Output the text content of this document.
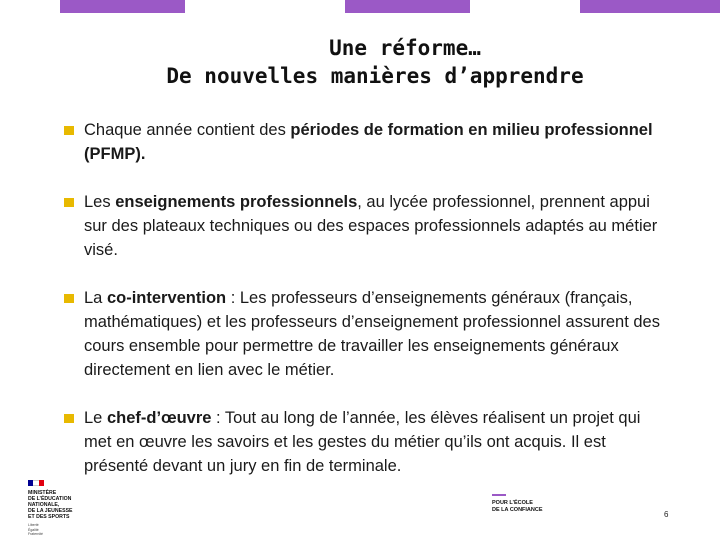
Une réforme…
De nouvelles manières d’apprendre
Chaque année contient des périodes de formation en milieu professionnel (PFMP).
Les enseignements professionnels, au lycée professionnel, prennent appui sur des plateaux techniques ou des espaces professionnels adaptés au métier visé.
La co-intervention : Les professeurs d’enseignements généraux (français, mathématiques) et les professeurs d’enseignement professionnel assurent des cours ensemble pour permettre de travailler les enseignements généraux directement en lien avec le métier.
Le chef-d’œuvre : Tout au long de l’année, les élèves réalisent un projet qui met en œuvre les savoirs et les gestes du métier qu’ils ont acquis. Il est présenté devant un jury en fin de terminale.
MINISTÈRE
DE L’ÉDUCATION
NATIONALE,
DE LA JEUNESSE
ET DES SPORTS
Liberté
Égalité
Fraternité
POUR L’ÉCOLE
DE LA CONFIANCE	6
